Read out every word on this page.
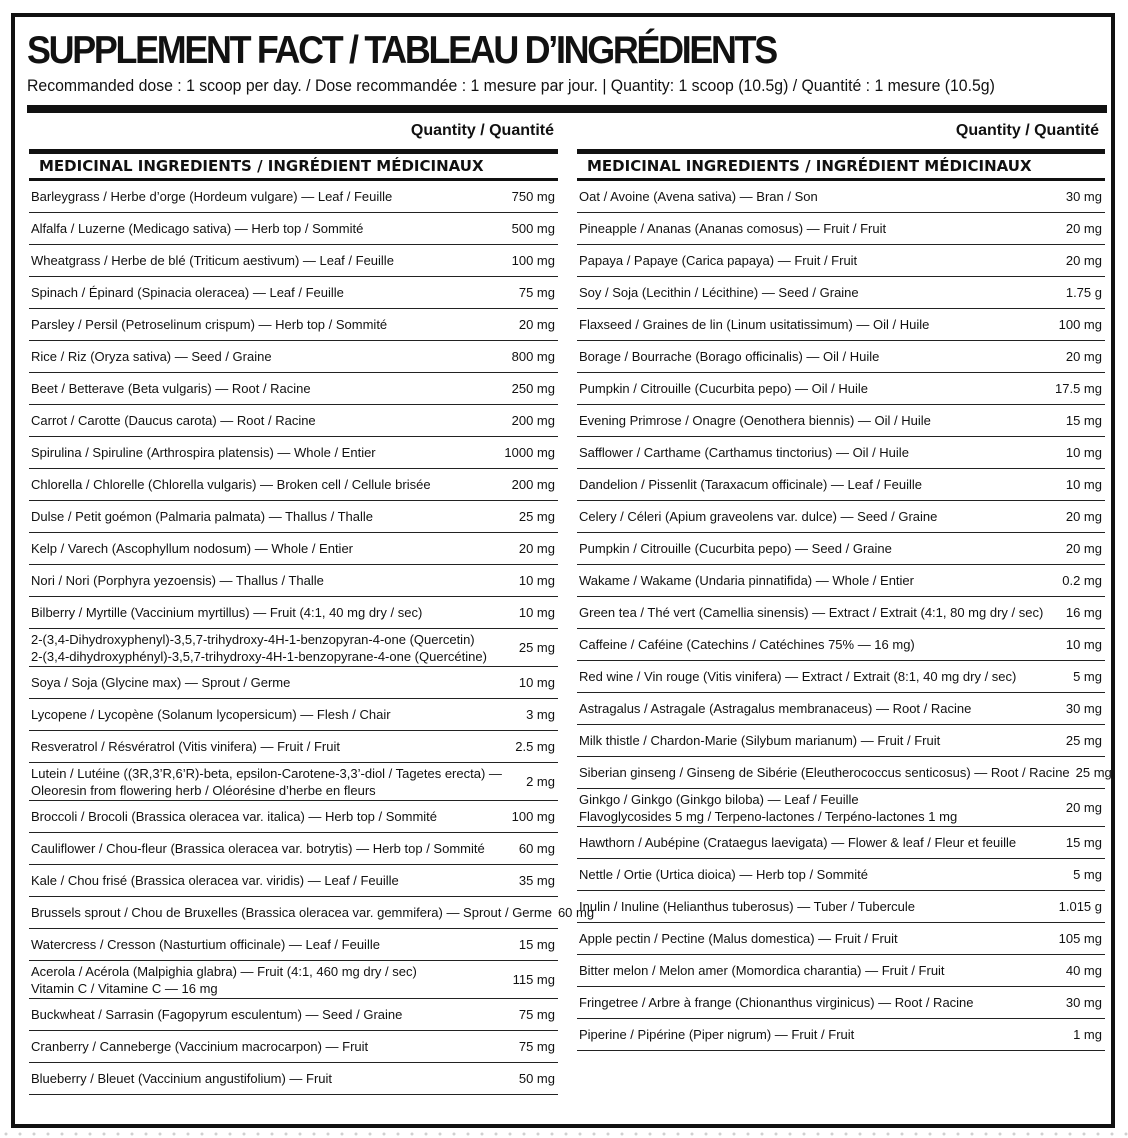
SUPPLEMENT FACT / TABLEAU D’INGRÉDIENTS
Recommanded dose : 1 scoop per day. / Dose recommandée : 1 mesure par jour. | Quantity: 1 scoop (10.5g) / Quantité : 1 mesure (10.5g)
Quantity / Quantité
MEDICINAL INGREDIENTS / INGRÉDIENT MÉDICINAUX
Barleygrass / Herbe d’orge (Hordeum vulgare) — Leaf / Feuille	750 mg
Alfalfa / Luzerne (Medicago sativa) — Herb top / Sommité	500 mg
Wheatgrass / Herbe de blé (Triticum aestivum) — Leaf / Feuille	100 mg
Spinach / Épinard (Spinacia oleracea) — Leaf / Feuille	75 mg
Parsley / Persil (Petroselinum crispum) — Herb top / Sommité	20 mg
Rice / Riz (Oryza sativa) — Seed / Graine	800 mg
Beet / Betterave (Beta vulgaris) — Root / Racine	250 mg
Carrot / Carotte (Daucus carota) — Root / Racine	200 mg
Spirulina / Spiruline (Arthrospira platensis) — Whole / Entier	1000 mg
Chlorella / Chlorelle (Chlorella vulgaris) — Broken cell / Cellule brisée	200 mg
Dulse / Petit goémon (Palmaria palmata) — Thallus / Thalle	25 mg
Kelp / Varech (Ascophyllum nodosum) — Whole / Entier	20 mg
Nori / Nori (Porphyra yezoensis) — Thallus / Thalle	10 mg
Bilberry / Myrtille (Vaccinium myrtillus) — Fruit (4:1, 40 mg dry / sec)	10 mg
2-(3,4-Dihydroxyphenyl)-3,5,7-trihydroxy-4H-1-benzopyran-4-one (Quercetin)
2-(3,4-dihydroxyphényl)-3,5,7-trihydroxy-4H-1-benzopyrane-4-one (Quercétine)
25 mg
Soya / Soja (Glycine max) — Sprout / Germe	10 mg
Lycopene / Lycopène (Solanum lycopersicum) — Flesh / Chair	3 mg
Resveratrol / Résvératrol (Vitis vinifera) — Fruit / Fruit	2.5 mg
Lutein / Lutéine ((3R,3’R,6’R)-beta, epsilon-Carotene-3,3’-diol / Tagetes erecta) —
Oleoresin from flowering herb / Oléorésine d’herbe en fleurs
2 mg
Broccoli / Brocoli (Brassica oleracea var. italica) — Herb top / Sommité	100 mg
Cauliflower / Chou-fleur (Brassica oleracea var. botrytis) — Herb top / Sommité	60 mg
Kale / Chou frisé (Brassica oleracea var. viridis) — Leaf / Feuille	35 mg
Brussels sprout / Chou de Bruxelles (Brassica oleracea var. gemmifera) — Sprout / Germe 60 mg
Watercress / Cresson (Nasturtium officinale) — Leaf / Feuille	15 mg
Acerola / Acérola (Malpighia glabra) — Fruit (4:1, 460 mg dry / sec)
Vitamin C / Vitamine C — 16 mg
115 mg
Buckwheat / Sarrasin (Fagopyrum esculentum) — Seed / Graine	75 mg
Cranberry / Canneberge (Vaccinium macrocarpon) — Fruit	75 mg
Blueberry / Bleuet (Vaccinium angustifolium) — Fruit	50 mg
Quantity / Quantité
MEDICINAL INGREDIENTS / INGRÉDIENT MÉDICINAUX
Oat / Avoine (Avena sativa) — Bran / Son	30 mg
Pineapple / Ananas (Ananas comosus) — Fruit / Fruit	20 mg
Papaya / Papaye (Carica papaya) — Fruit / Fruit	20 mg
Soy / Soja (Lecithin / Lécithine) — Seed / Graine	1.75 g
Flaxseed / Graines de lin (Linum usitatissimum) — Oil / Huile	100 mg
Borage / Bourrache (Borago officinalis) — Oil / Huile	20 mg
Pumpkin / Citrouille (Cucurbita pepo) — Oil / Huile	17.5 mg
Evening Primrose / Onagre (Oenothera biennis) — Oil / Huile	15 mg
Safflower / Carthame (Carthamus tinctorius) — Oil / Huile	10 mg
Dandelion / Pissenlit (Taraxacum officinale) — Leaf / Feuille	10 mg
Celery / Céleri (Apium graveolens var. dulce) — Seed / Graine	20 mg
Pumpkin / Citrouille (Cucurbita pepo) — Seed / Graine	20 mg
Wakame / Wakame (Undaria pinnatifida) — Whole / Entier	0.2 mg
Green tea / Thé vert (Camellia sinensis) — Extract / Extrait (4:1, 80 mg dry / sec)	16 mg
Caffeine / Caféine (Catechins / Catéchines 75% — 16 mg)	10 mg
Red wine / Vin rouge (Vitis vinifera) — Extract / Extrait (8:1, 40 mg dry / sec)	5 mg
Astragalus / Astragale (Astragalus membranaceus) — Root / Racine	30 mg
Milk thistle / Chardon-Marie (Silybum marianum) — Fruit / Fruit	25 mg
Siberian ginseng / Ginseng de Sibérie (Eleutherococcus senticosus) — Root / Racine 25 mg
Ginkgo / Ginkgo (Ginkgo biloba) — Leaf / Feuille
Flavoglycosides 5 mg / Terpeno-lactones / Terpéno-lactones 1 mg
20 mg
Hawthorn / Aubépine (Crataegus laevigata) — Flower & leaf / Fleur et feuille	15 mg
Nettle / Ortie (Urtica dioica) — Herb top / Sommité	5 mg
Inulin / Inuline (Helianthus tuberosus) — Tuber / Tubercule	1.015 g
Apple pectin / Pectine (Malus domestica) — Fruit / Fruit	105 mg
Bitter melon / Melon amer (Momordica charantia) — Fruit / Fruit	40 mg
Fringetree / Arbre à frange (Chionanthus virginicus) — Root / Racine	30 mg
Piperine / Pipérine (Piper nigrum) — Fruit / Fruit	1 mg
